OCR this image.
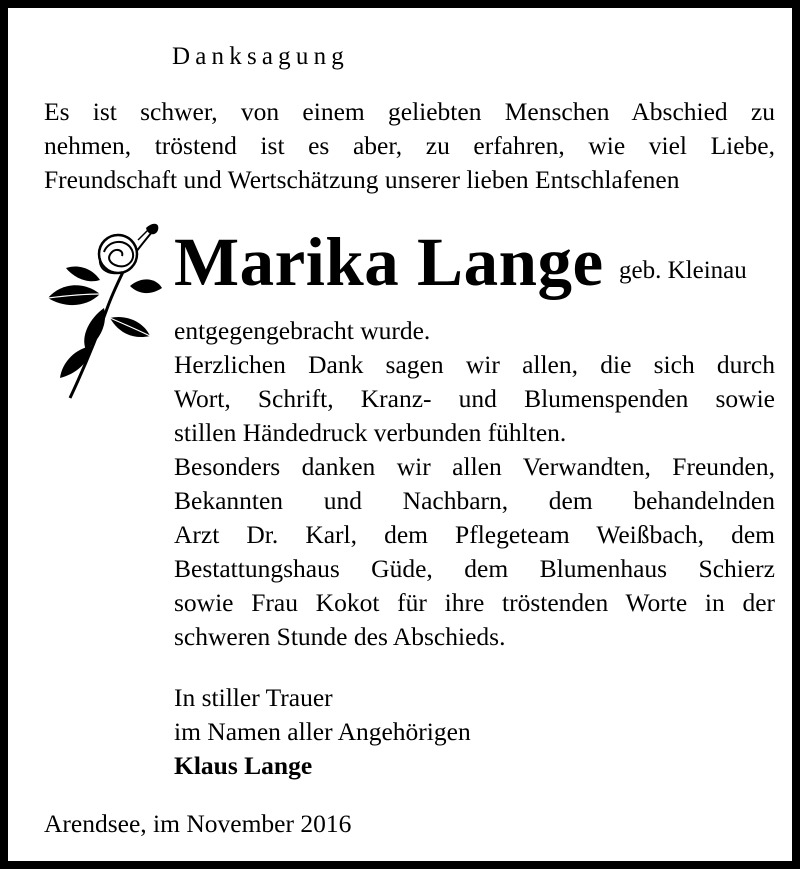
Danksagung
Es ist schwer, von einem geliebten Menschen Abschied zu
nehmen, tröstend ist es aber, zu erfahren, wie viel Liebe,
Freundschaft und Wertschätzung unserer lieben Entschlafenen
Marika Lange geb. Kleinau
entgegengebracht wurde.
Herzlichen Dank sagen wir allen, die sich durch
Wort, Schrift, Kranz- und Blumenspenden sowie
stillen Händedruck verbunden fühlten.
Besonders danken wir allen Verwandten, Freunden,
Bekannten und Nachbarn, dem behandelnden
Arzt Dr. Karl, dem Pflegeteam Weißbach, dem
Bestattungshaus Güde, dem Blumenhaus Schierz
sowie Frau Kokot für ihre tröstenden Worte in der
schweren Stunde des Abschieds.
In stiller Trauer
im Namen aller Angehörigen
Klaus Lange
Arendsee, im November 2016
